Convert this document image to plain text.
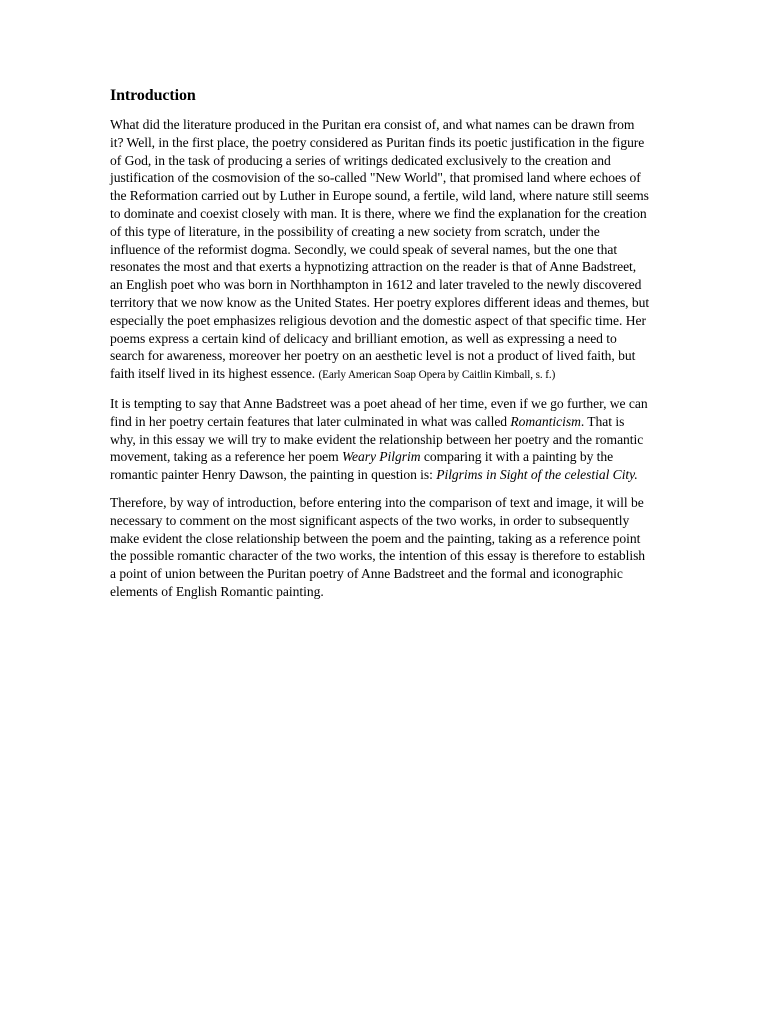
Introduction

What did the literature produced in the Puritan era consist of, and what names can be drawn from it? Well, in the first place, the poetry considered as Puritan finds its poetic justification in the figure of God, in the task of producing a series of writings dedicated exclusively to the creation and justification of the cosmovision of the so-called "New World", that promised land where echoes of the Reformation carried out by Luther in Europe sound, a fertile, wild land, where nature still seems to dominate and coexist closely with man. It is there, where we find the explanation for the creation of this type of literature, in the possibility of creating a new society from scratch, under the influence of the reformist dogma. Secondly, we could speak of several names, but the one that resonates the most and that exerts a hypnotizing attraction on the reader is that of Anne Badstreet, an English poet who was born in Northhampton in 1612 and later traveled to the newly discovered territory that we now know as the United States. Her poetry explores different ideas and themes, but especially the poet emphasizes religious devotion and the domestic aspect of that specific time. Her poems express a certain kind of delicacy and brilliant emotion, as well as expressing a need to search for awareness, moreover her poetry on an aesthetic level is not a product of lived faith, but faith itself lived in its highest essence. (Early American Soap Opera by Caitlin Kimball, s. f.)

It is tempting to say that Anne Badstreet was a poet ahead of her time, even if we go further, we can find in her poetry certain features that later culminated in what was called Romanticism. That is why, in this essay we will try to make evident the relationship between her poetry and the romantic movement, taking as a reference her poem Weary Pilgrim comparing it with a painting by the romantic painter Henry Dawson, the painting in question is: Pilgrims in Sight of the celestial City.

Therefore, by way of introduction, before entering into the comparison of text and image, it will be necessary to comment on the most significant aspects of the two works, in order to subsequently make evident the close relationship between the poem and the painting, taking as a reference point the possible romantic character of the two works, the intention of this essay is therefore to establish a point of union between the Puritan poetry of Anne Badstreet and the formal and iconographic elements of English Romantic painting.
